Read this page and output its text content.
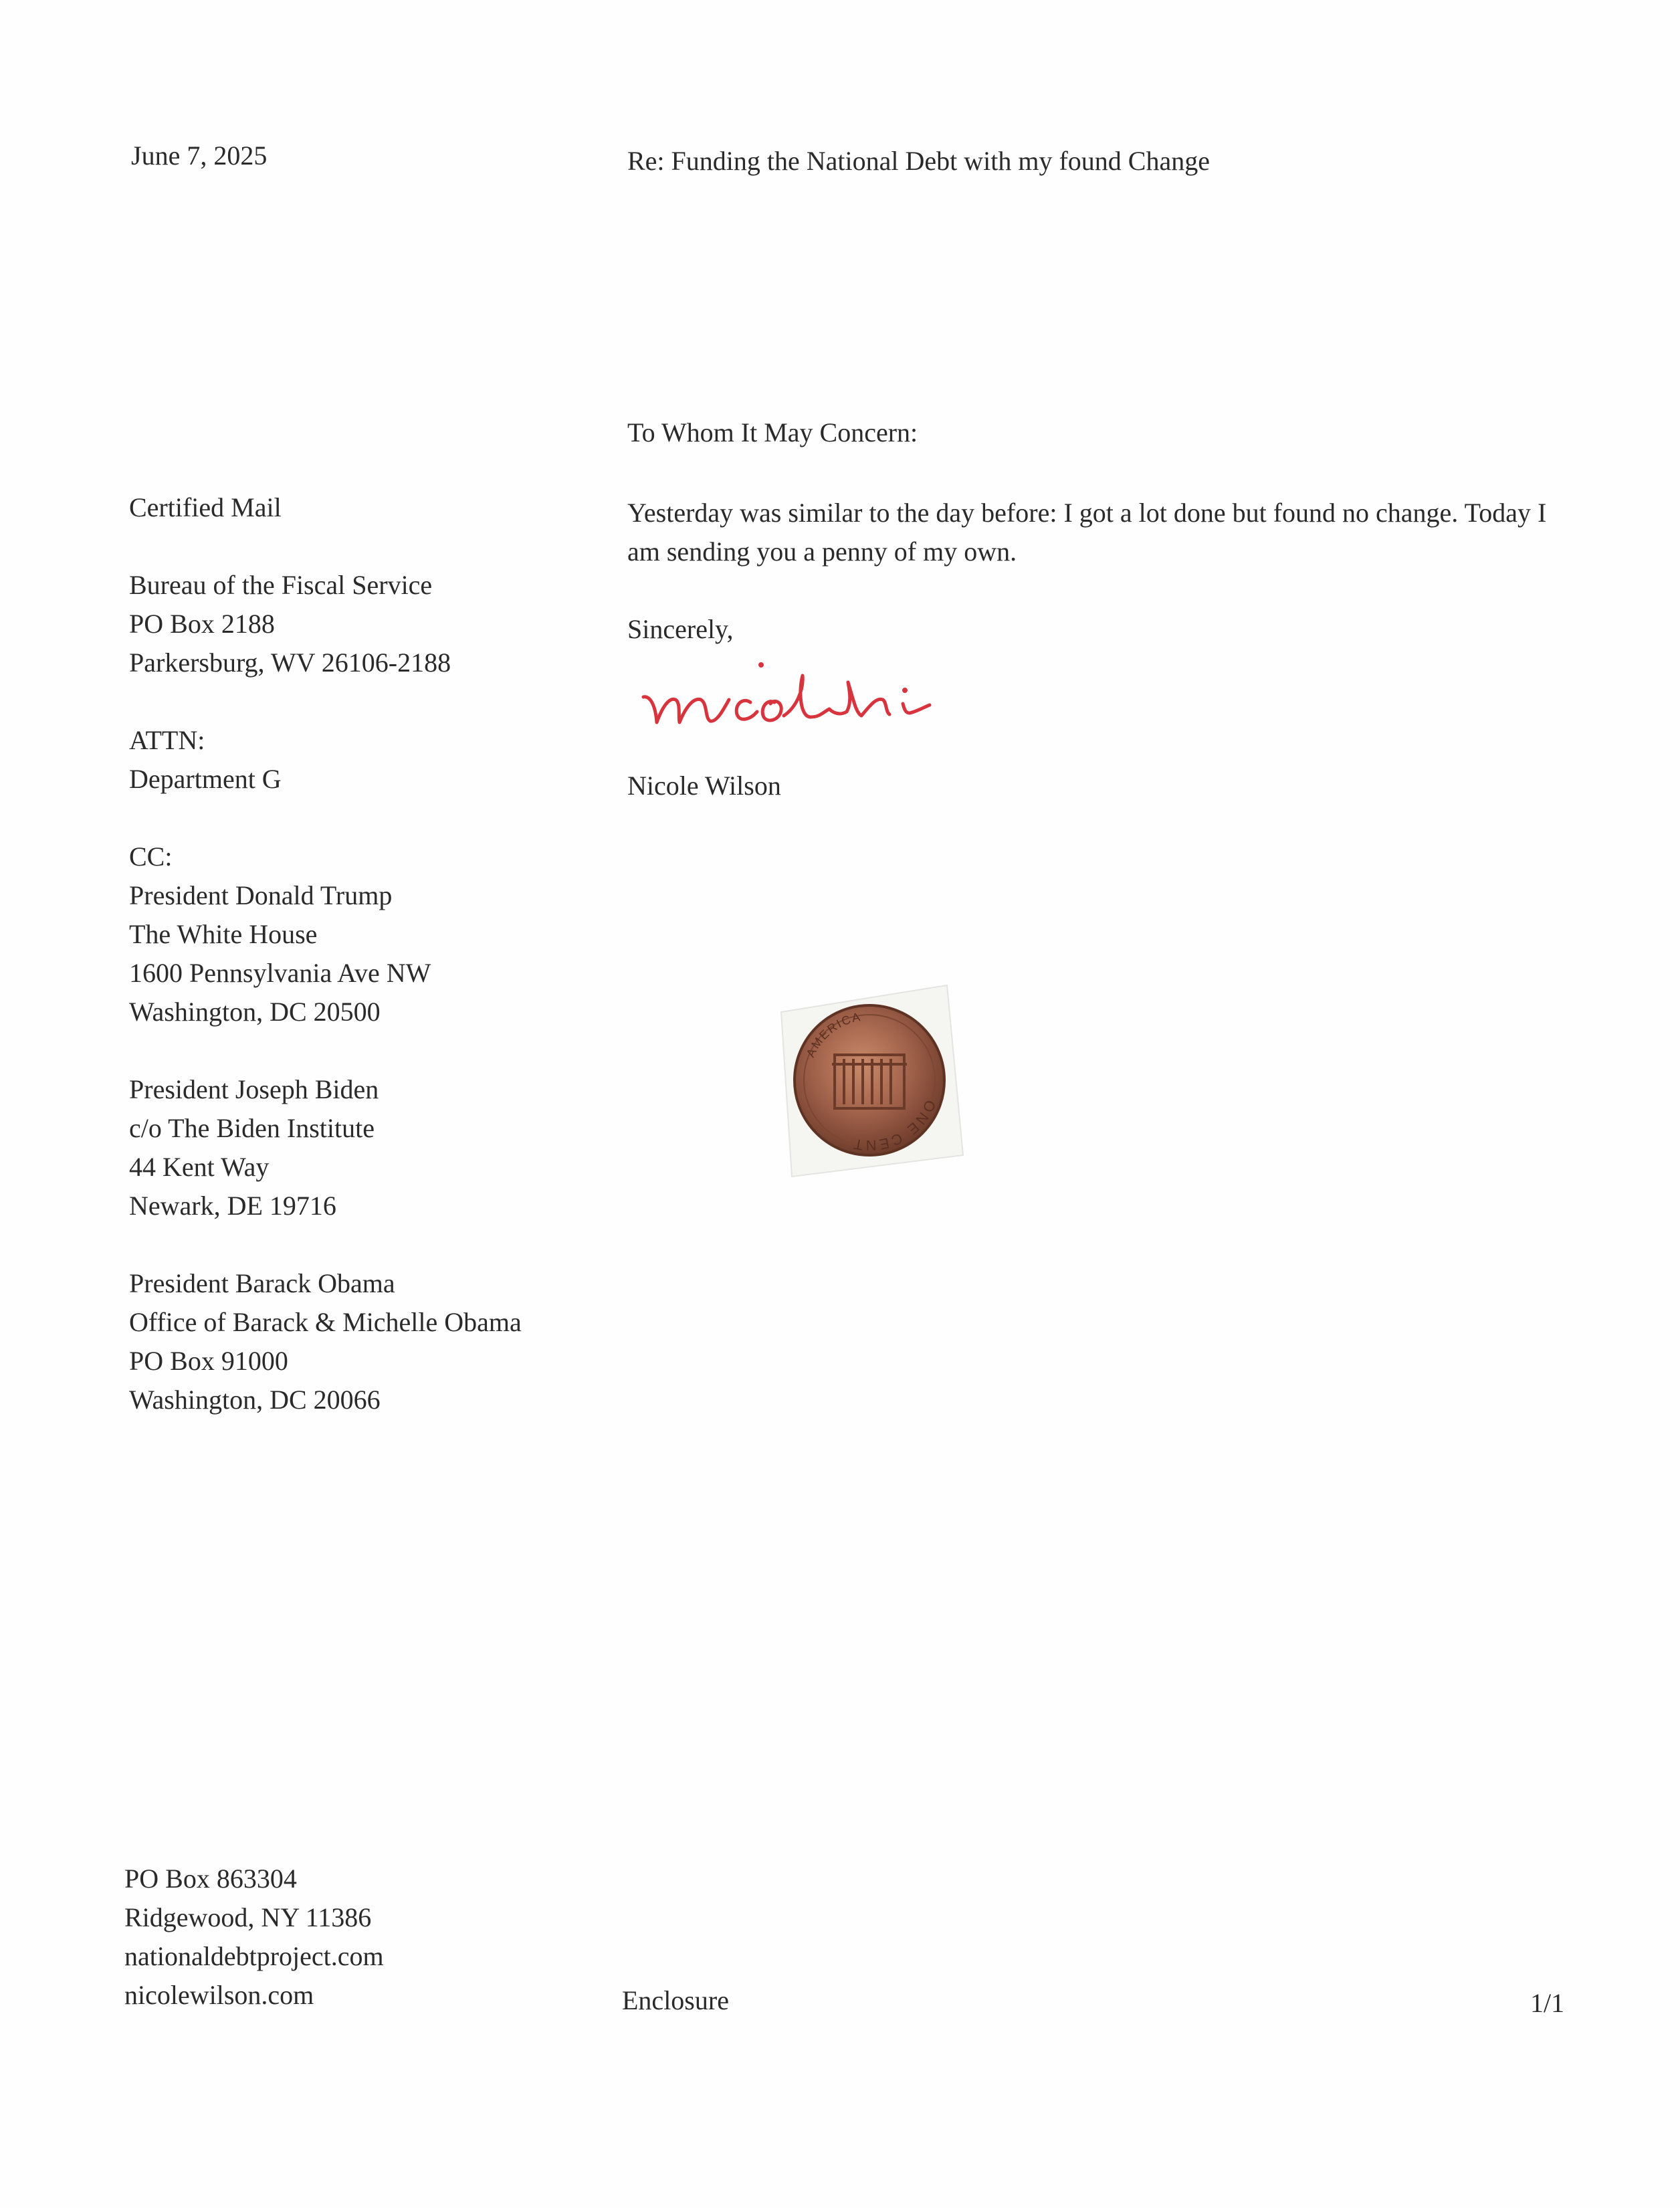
June 7, 2025	Re: Funding the National Debt with my found Change
To Whom It May Concern:
Yesterday was similar to the day before: I got a lot done but found no change. Today I am sending you a penny of my own.
Sincerely,
Nicole Wilson
Certified Mail
Bureau of the Fiscal Service
PO Box 2188
Parkersburg, WV 26106-2188
ATTN:
Department G
CC:
President Donald Trump
The White House
1600 Pennsylvania Ave NW
Washington, DC 20500
President Joseph Biden
c/o The Biden Institute
44 Kent Way
Newark, DE 19716
President Barack Obama
Office of Barack & Michelle Obama
PO Box 91000
Washington, DC 20066
AMERICA
ONE CENT
PO Box 863304
Ridgewood, NY 11386
nationaldebtproject.com
nicolewilson.com	Enclosure	1/1
